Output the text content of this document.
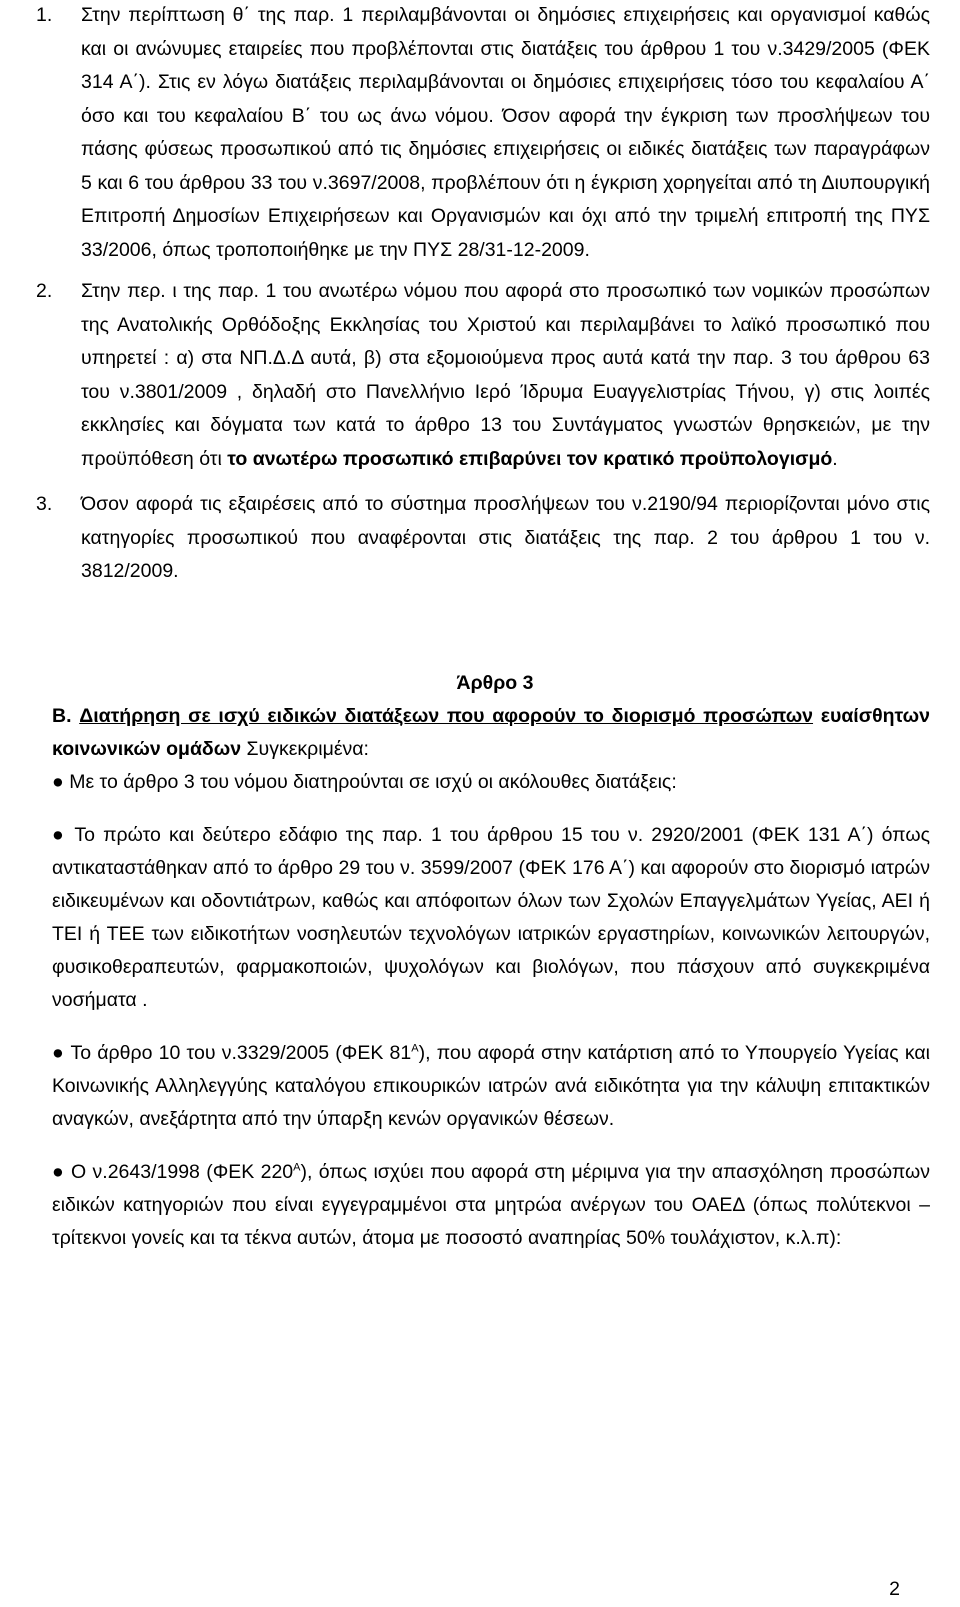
1. Στην περίπτωση θ΄ της παρ. 1 περιλαμβάνονται οι δημόσιες επιχειρήσεις και οργανισμοί καθώς και οι ανώνυμες εταιρείες που προβλέπονται στις διατάξεις του άρθρου 1 του ν.3429/2005 (ΦΕΚ 314 Α΄). Στις εν λόγω διατάξεις περιλαμβάνονται οι δημόσιες επιχειρήσεις τόσο του κεφαλαίου Α΄ όσο και του κεφαλαίου Β΄ του ως άνω νόμου. Όσον αφορά την έγκριση των προσλήψεων του πάσης φύσεως προσωπικού από τις δημόσιες επιχειρήσεις οι ειδικές διατάξεις των παραγράφων 5 και 6 του άρθρου 33 του ν.3697/2008, προβλέπουν ότι η έγκριση χορηγείται από τη Διυπουργική Επιτροπή Δημοσίων Επιχειρήσεων και Οργανισμών και όχι από την τριμελή επιτροπή της ΠΥΣ 33/2006, όπως τροποποιήθηκε με την ΠΥΣ 28/31-12-2009.
2. Στην περ. ι της παρ. 1 του ανωτέρω νόμου που αφορά στο προσωπικό των νομικών προσώπων της Ανατολικής Ορθόδοξης Εκκλησίας του Χριστού και περιλαμβάνει το λαϊκό προσωπικό που υπηρετεί : α) στα ΝΠ.Δ.Δ αυτά, β) στα εξομοιούμενα προς αυτά κατά την παρ. 3 του άρθρου 63 του ν.3801/2009 , δηλαδή στο Πανελλήνιο Ιερό Ίδρυμα Ευαγγελιστρίας Τήνου, γ) στις λοιπές εκκλησίες και δόγματα των κατά το άρθρο 13 του Συντάγματος γνωστών θρησκειών, με την προϋπόθεση ότι το ανωτέρω προσωπικό επιβαρύνει τον κρατικό προϋπολογισμό.
3. Όσον αφορά τις εξαιρέσεις από το σύστημα προσλήψεων του ν.2190/94 περιορίζονται μόνο στις κατηγορίες προσωπικού που αναφέρονται στις διατάξεις της παρ. 2 του άρθρου 1 του ν. 3812/2009.
Άρθρο 3
Β. Διατήρηση σε ισχύ ειδικών διατάξεων που αφορούν το διορισμό προσώπων ευαίσθητων κοινωνικών ομάδων Συγκεκριμένα:
● Με το άρθρο 3 του νόμου διατηρούνται σε ισχύ οι ακόλουθες διατάξεις:
● Το πρώτο και δεύτερο εδάφιο της παρ. 1 του άρθρου 15 του ν. 2920/2001 (ΦΕΚ 131 Α΄) όπως αντικαταστάθηκαν από το άρθρο 29 του ν. 3599/2007 (ΦΕΚ 176 Α΄) και αφορούν στο διορισμό ιατρών ειδικευμένων και οδοντιάτρων, καθώς και απόφοιτων όλων των Σχολών Επαγγελμάτων Υγείας, ΑΕΙ ή ΤΕΙ ή ΤΕΕ των ειδικοτήτων νοσηλευτών τεχνολόγων ιατρικών εργαστηρίων, κοινωνικών λειτουργών, φυσικοθεραπευτών, φαρμακοποιών, ψυχολόγων και βιολόγων, που πάσχουν από συγκεκριμένα νοσήματα .
● Το άρθρο 10 του ν.3329/2005 (ΦΕΚ $81^A$), που αφορά στην κατάρτιση από το Υπουργείο Υγείας και Κοινωνικής Αλληλεγγύης καταλόγου επικουρικών ιατρών ανά ειδικότητα για την κάλυψη επιτακτικών αναγκών, ανεξάρτητα από την ύπαρξη κενών οργανικών θέσεων.
● Ο ν.2643/1998 (ΦΕΚ $220^A$), όπως ισχύει που αφορά στη μέριμνα για την απασχόληση προσώπων ειδικών κατηγοριών που είναι εγγεγραμμένοι στα μητρώα ανέργων του ΟΑΕΔ (όπως πολύτεκνοι – τρίτεκνοι γονείς και τα τέκνα αυτών, άτομα με ποσοστό αναπηρίας 50% τουλάχιστον, κ.λ.π):
2
